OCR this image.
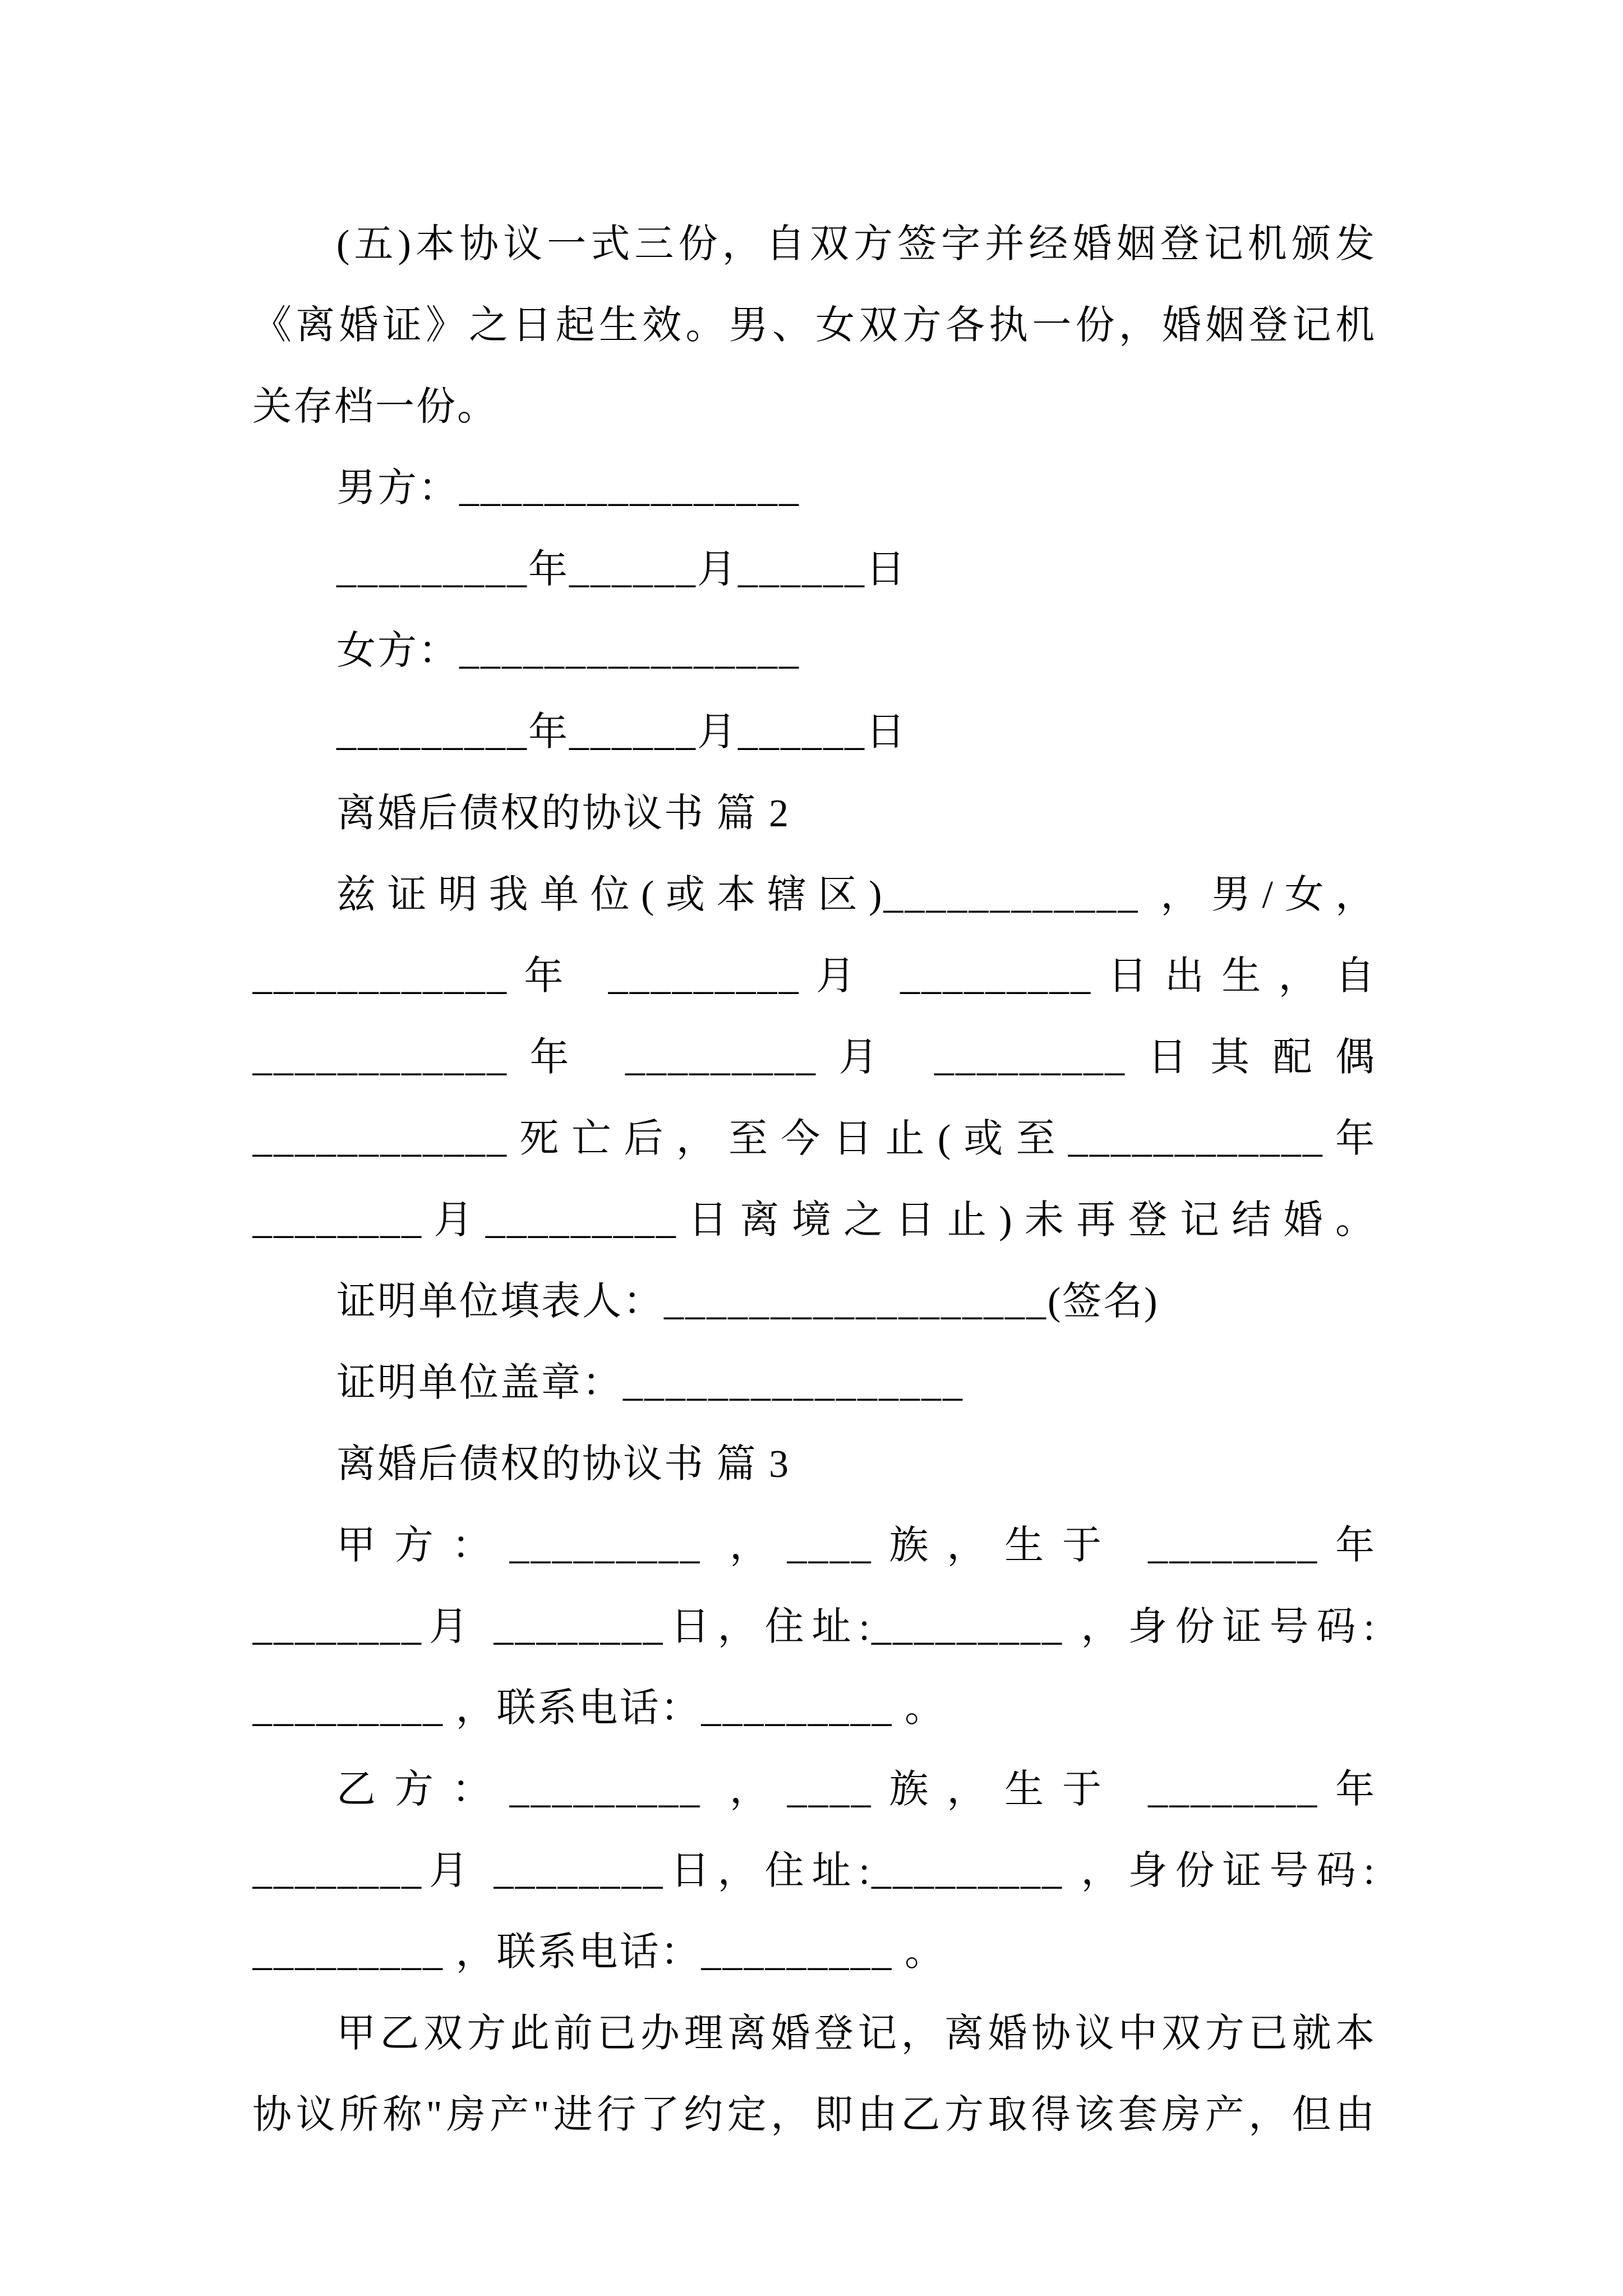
(五)本协议一式三份，自双方签字并经婚姻登记机颁发
《离婚证》之日起生效。男、女双方各执一份，婚姻登记机
关存档一份。
男方：________________
_________年______月______日
女方：________________
_________年______月______日
离婚后债权的协议书 篇 2
兹证明我单位(或本辖区)____________ ，男/女，
____________年 _________月 _________日出生，自
____________年 _________月 _________日其配偶
____________死亡后，至今日止(或至____________年
________月_________日离境之日止)未再登记结婚。
证明单位填表人：__________________(签名)
证明单位盖章：________________
离婚后债权的协议书 篇 3
甲方：_________ ，____族，生于 ________年
________月 ________日，住址:_________ ，身份证号码:
_________ ，联系电话：_________ 。
乙方：_________ ，____族，生于 ________年
________月 ________日，住址:_________ ，身份证号码:
_________ ，联系电话：_________ 。
甲乙双方此前已办理离婚登记，离婚协议中双方已就本
协议所称"房产"进行了约定，即由乙方取得该套房产，但由
